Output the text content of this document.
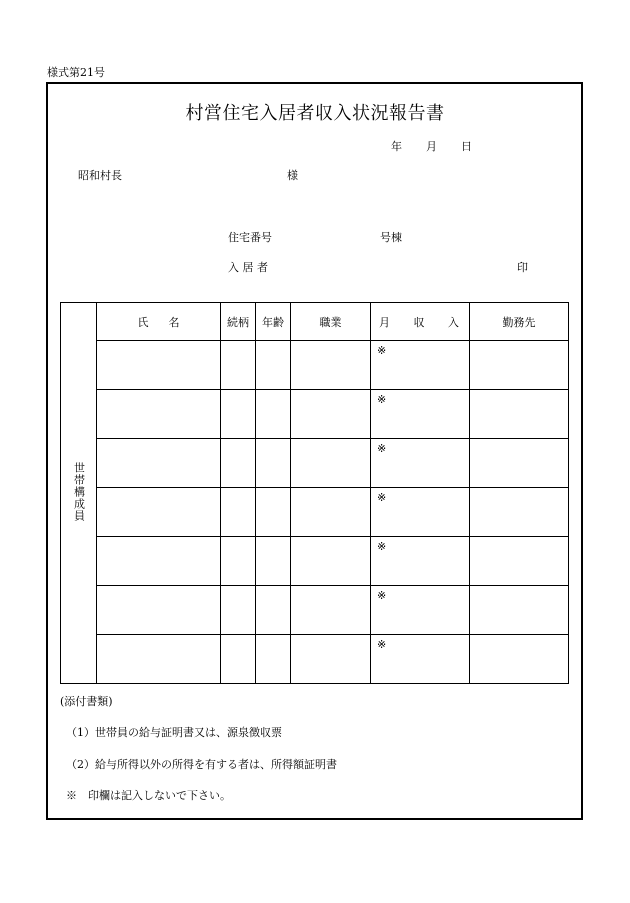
様式第21号
村営住宅入居者収入状況報告書
年 月 日
昭和村長	様
住宅番号	号棟
入 居 者	印
世帯構成員	氏 名	続柄	年齢	職業	月 収 入	勤務先

					※	

					※	

					※	

					※	

					※	

					※	

					※	

(添付書類)
（1）世帯員の給与証明書又は、源泉徴収票
（2）給与所得以外の所得を有する者は、所得額証明書
※　印欄は記入しないで下さい。
